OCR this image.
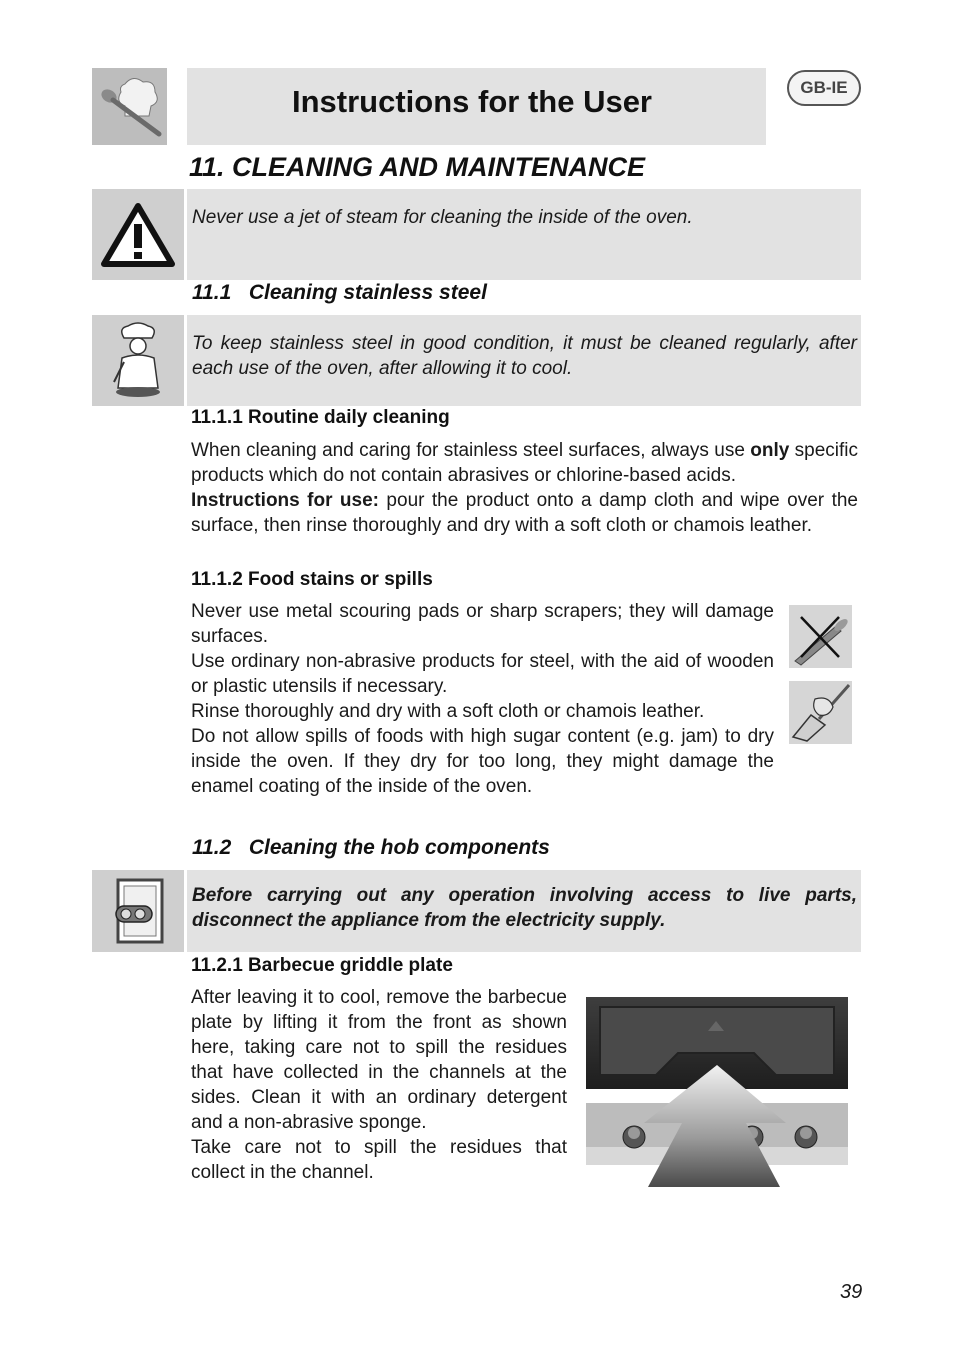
Instructions for the User	GB-IE
11. CLEANING AND MAINTENANCE
Never use a jet of steam for cleaning the inside of the oven.
11.1   Cleaning stainless steel
To keep stainless steel in good condition, it must be cleaned regularly, after each use of the oven, after allowing it to cool.
11.1.1 Routine daily cleaning

When cleaning and caring for stainless steel surfaces, always use only specific products which do not contain abrasives or chlorine-based acids.

Instructions for use: pour the product onto a damp cloth and wipe over the surface, then rinse thoroughly and dry with a soft cloth or chamois leather.

11.1.2 Food stains or spills

Never use metal scouring pads or sharp scrapers; they will damage surfaces.

Use ordinary non-abrasive products for steel, with the aid of wooden or plastic utensils if necessary.

Rinse thoroughly and dry with a soft cloth or chamois leather.

Do not allow spills of foods with high sugar content (e.g. jam) to dry inside the oven. If they dry for too long, they might damage the enamel coating of the inside of the oven.

11.2   Cleaning the hob components
Before carrying out any operation involving access to live parts, disconnect the appliance from the electricity supply.
11.2.1 Barbecue griddle plate

After leaving it to cool, remove the barbecue plate by lifting it from the front as shown here, taking care not to spill the residues that have collected in the channels at the sides. Clean it with an ordinary detergent and a non-abrasive sponge.

Take care not to spill the residues that collect in the channel.

39
